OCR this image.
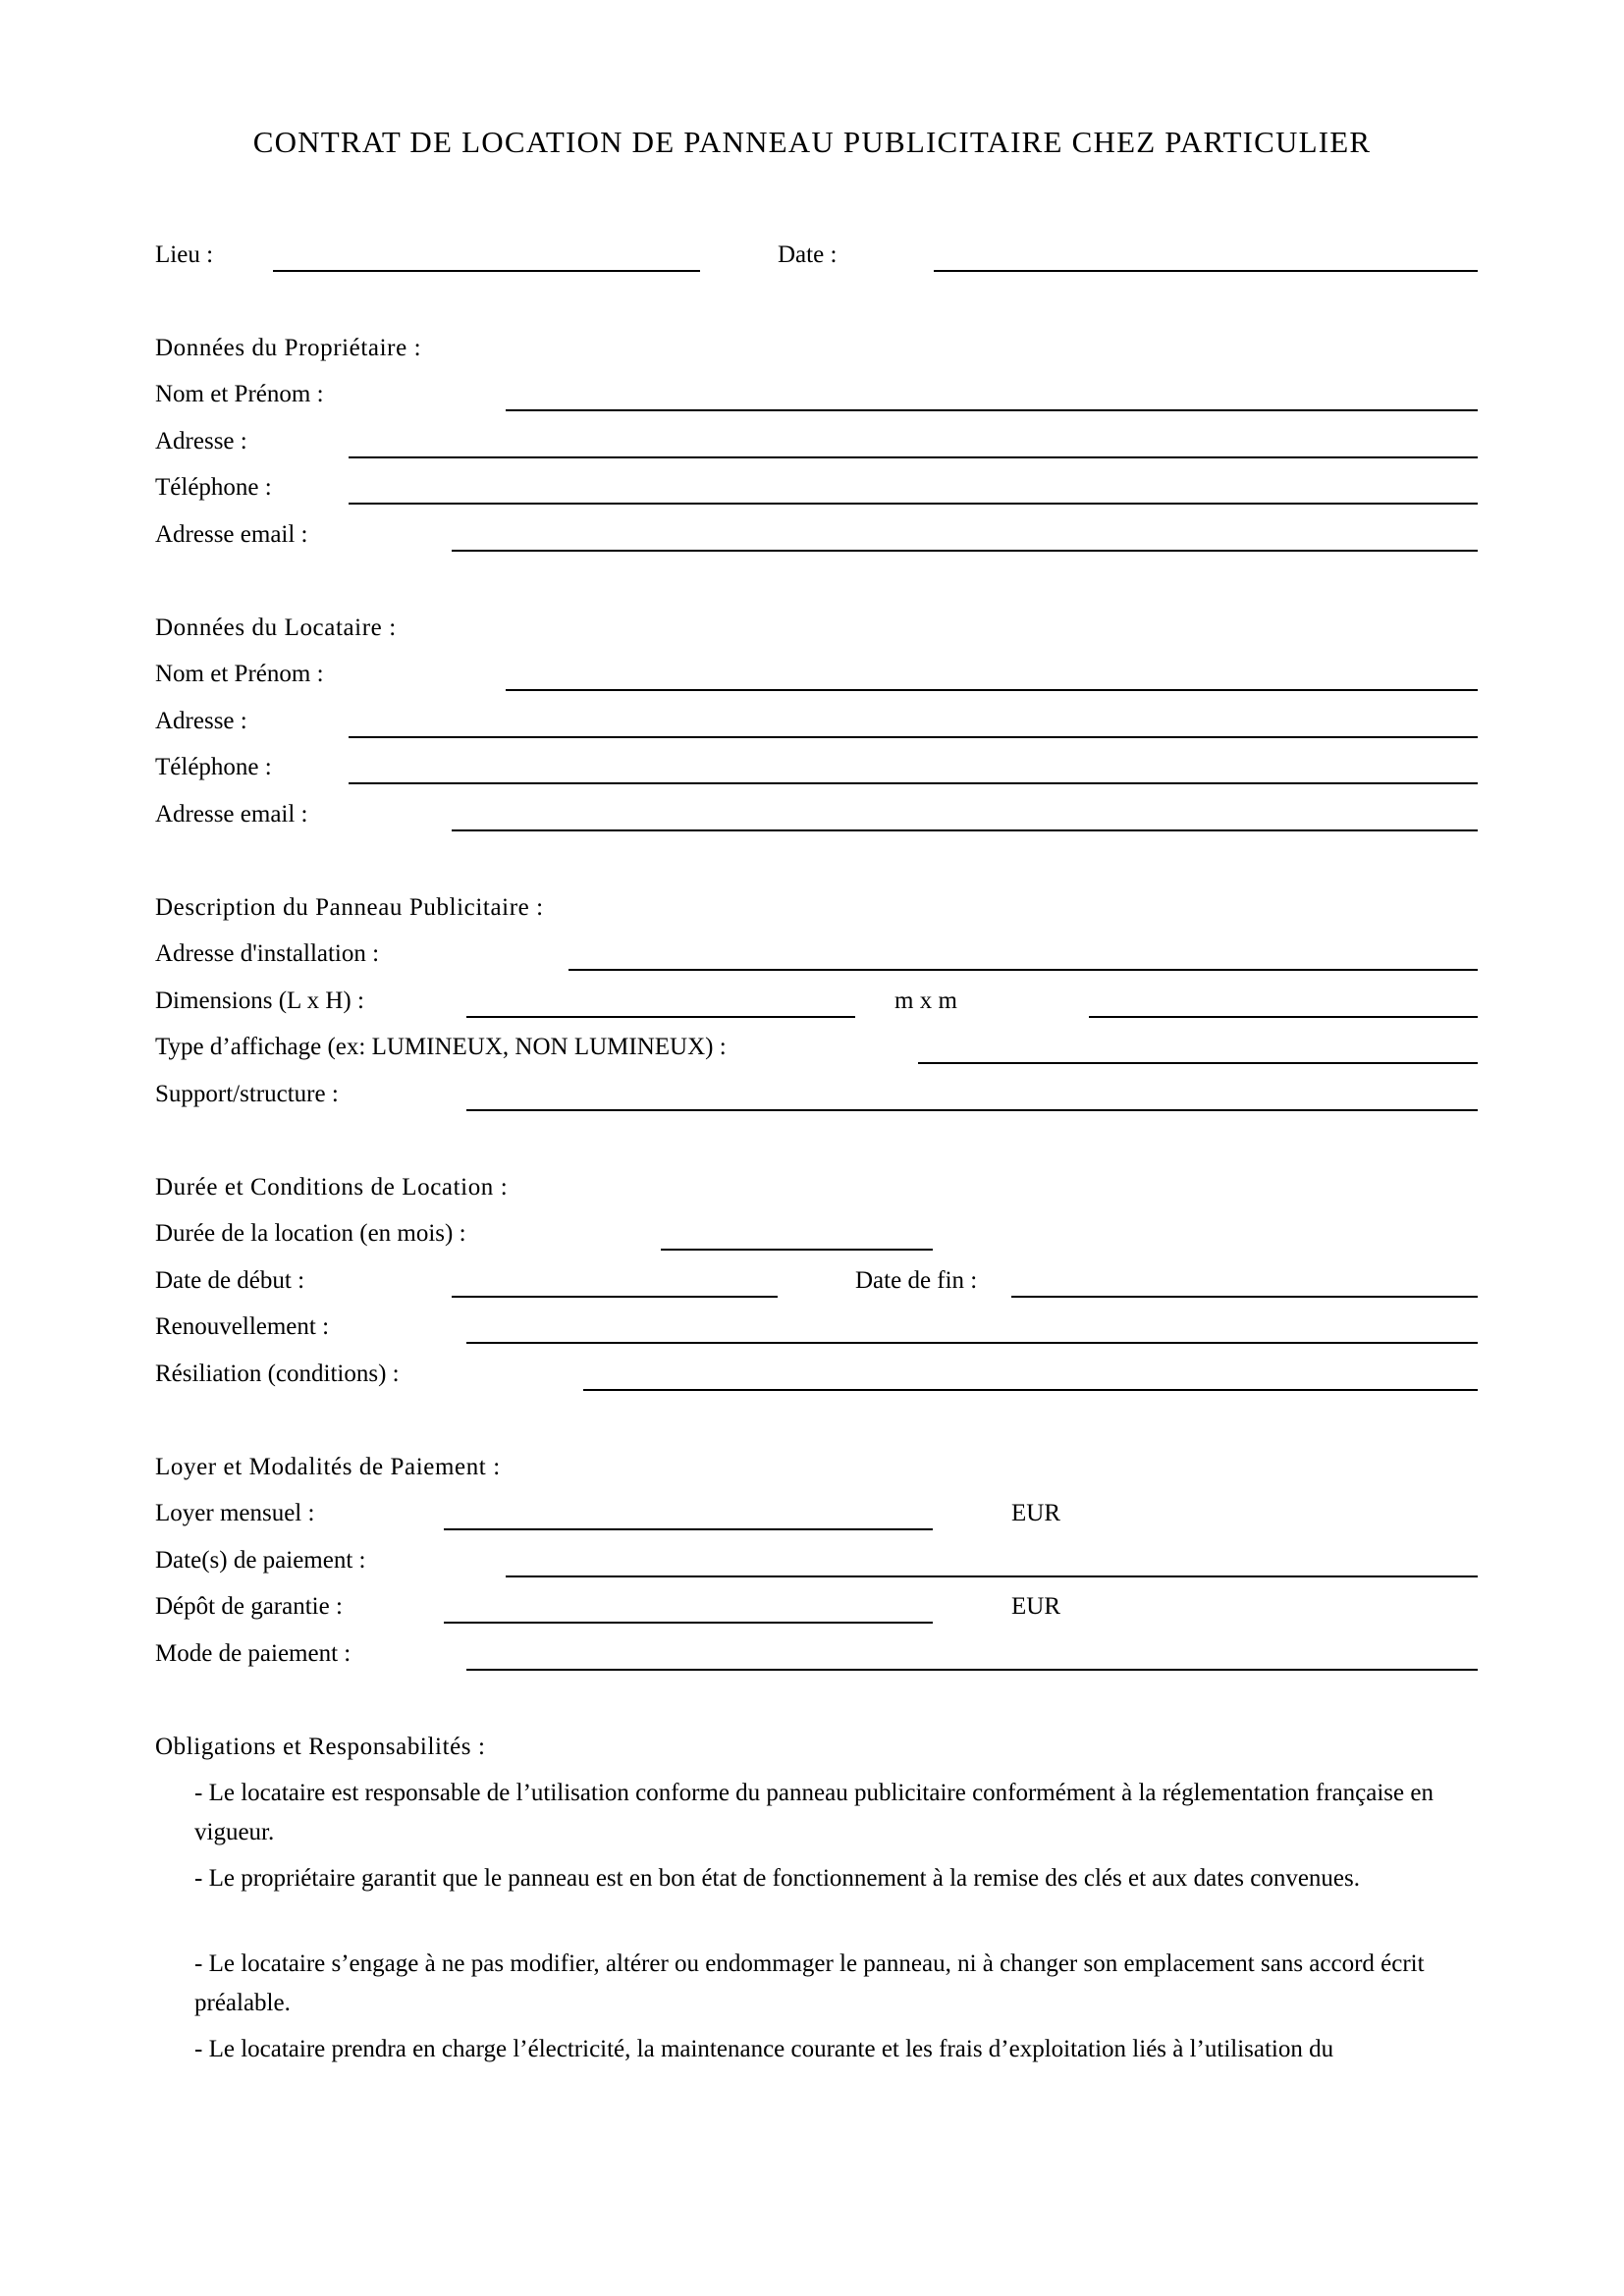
CONTRAT DE LOCATION DE PANNEAU PUBLICITAIRE CHEZ PARTICULIER
Lieu :	Date :
Données du Propriétaire :
Nom et Prénom :
Adresse :
Téléphone :
Adresse email :
Données du Locataire :
Nom et Prénom :
Adresse :
Téléphone :
Adresse email :
Description du Panneau Publicitaire :
Adresse d'installation :
Dimensions (L x H) :	m x m
Type d’affichage (ex: LUMINEUX, NON LUMINEUX) :
Support/structure :
Durée et Conditions de Location :
Durée de la location (en mois) :
Date de début :	Date de fin :
Renouvellement :
Résiliation (conditions) :
Loyer et Modalités de Paiement :
Loyer mensuel :	EUR
Date(s) de paiement :
Dépôt de garantie :	EUR
Mode de paiement :
Obligations et Responsabilités :
- Le locataire est responsable de l’utilisation conforme du panneau publicitaire conformément à la réglementation française en vigueur.
- Le propriétaire garantit que le panneau est en bon état de fonctionnement à la remise des clés et aux dates convenues.
- Le locataire s’engage à ne pas modifier, altérer ou endommager le panneau, ni à changer son emplacement sans accord écrit préalable.
- Le locataire prendra en charge l’électricité, la maintenance courante et les frais d’exploitation liés à l’utilisation du
